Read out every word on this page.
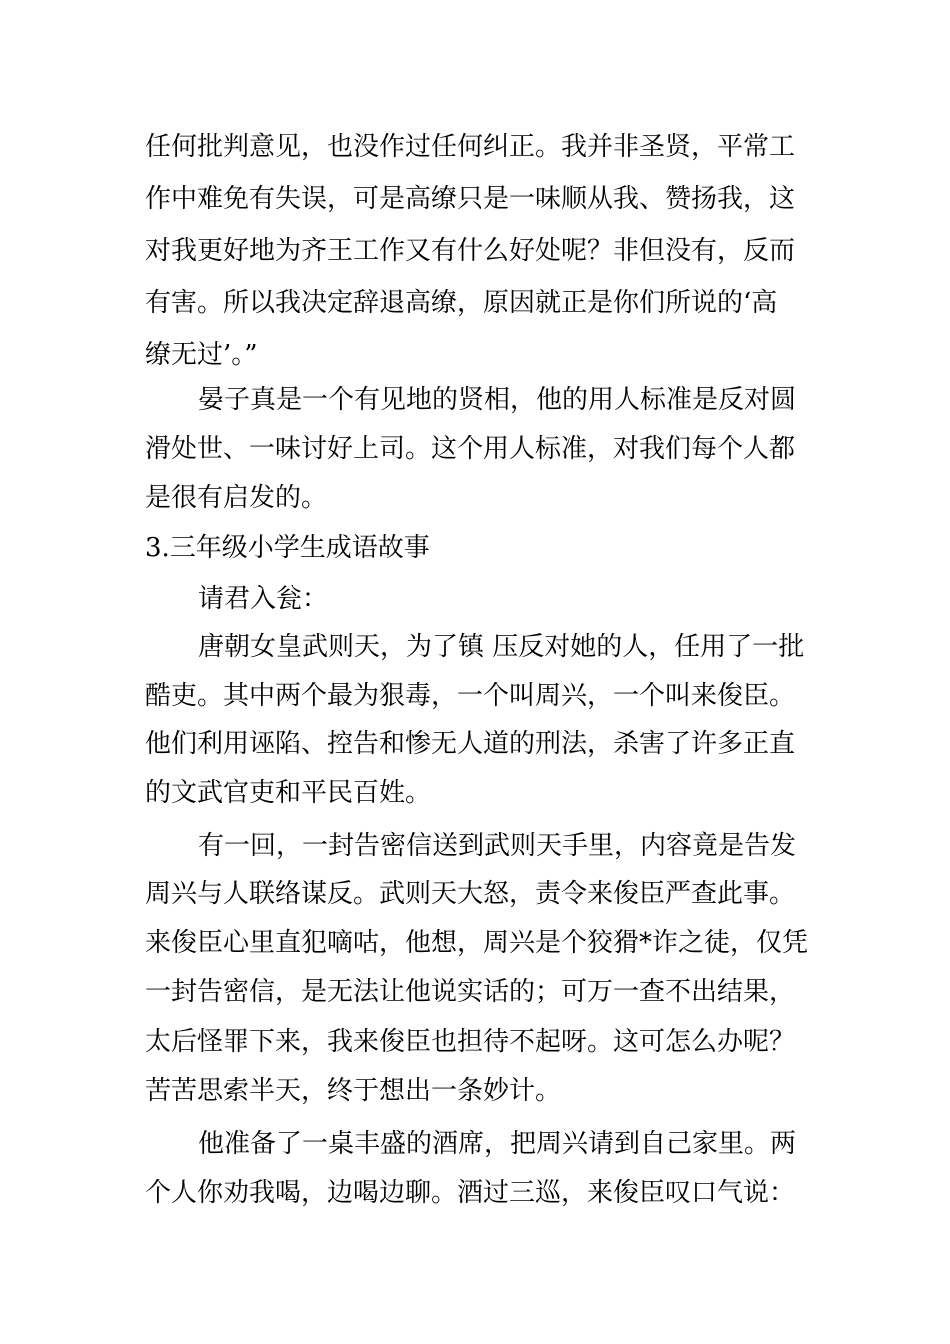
任何批判意见，也没作过任何纠正。我并非圣贤，平常工
作中难免有失误，可是高缭只是一味顺从我、赞扬我，这
对我更好地为齐王工作又有什么好处呢？非但没有，反而
有害。所以我决定辞退高缭，原因就正是你们所说的‘高
缭无过’。”
晏子真是一个有见地的贤相，他的用人标准是反对圆
滑处世、一味讨好上司。这个用人标准，对我们每个人都
是很有启发的。
3.三年级小学生成语故事
请君入瓮：
唐朝女皇武则天，为了镇 压反对她的人，任用了一批
酷吏。其中两个最为狠毒，一个叫周兴，一个叫来俊臣。
他们利用诬陷、控告和惨无人道的刑法，杀害了许多正直
的文武官吏和平民百姓。
有一回，一封告密信送到武则天手里，内容竟是告发
周兴与人联络谋反。武则天大怒，责令来俊臣严查此事。
来俊臣心里直犯嘀咕，他想，周兴是个狡猾*诈之徒，仅凭
一封告密信，是无法让他说实话的；可万一查不出结果，
太后怪罪下来，我来俊臣也担待不起呀。这可怎么办呢？
苦苦思索半天，终于想出一条妙计。
他准备了一桌丰盛的酒席，把周兴请到自己家里。两
个人你劝我喝，边喝边聊。酒过三巡，来俊臣叹口气说：
